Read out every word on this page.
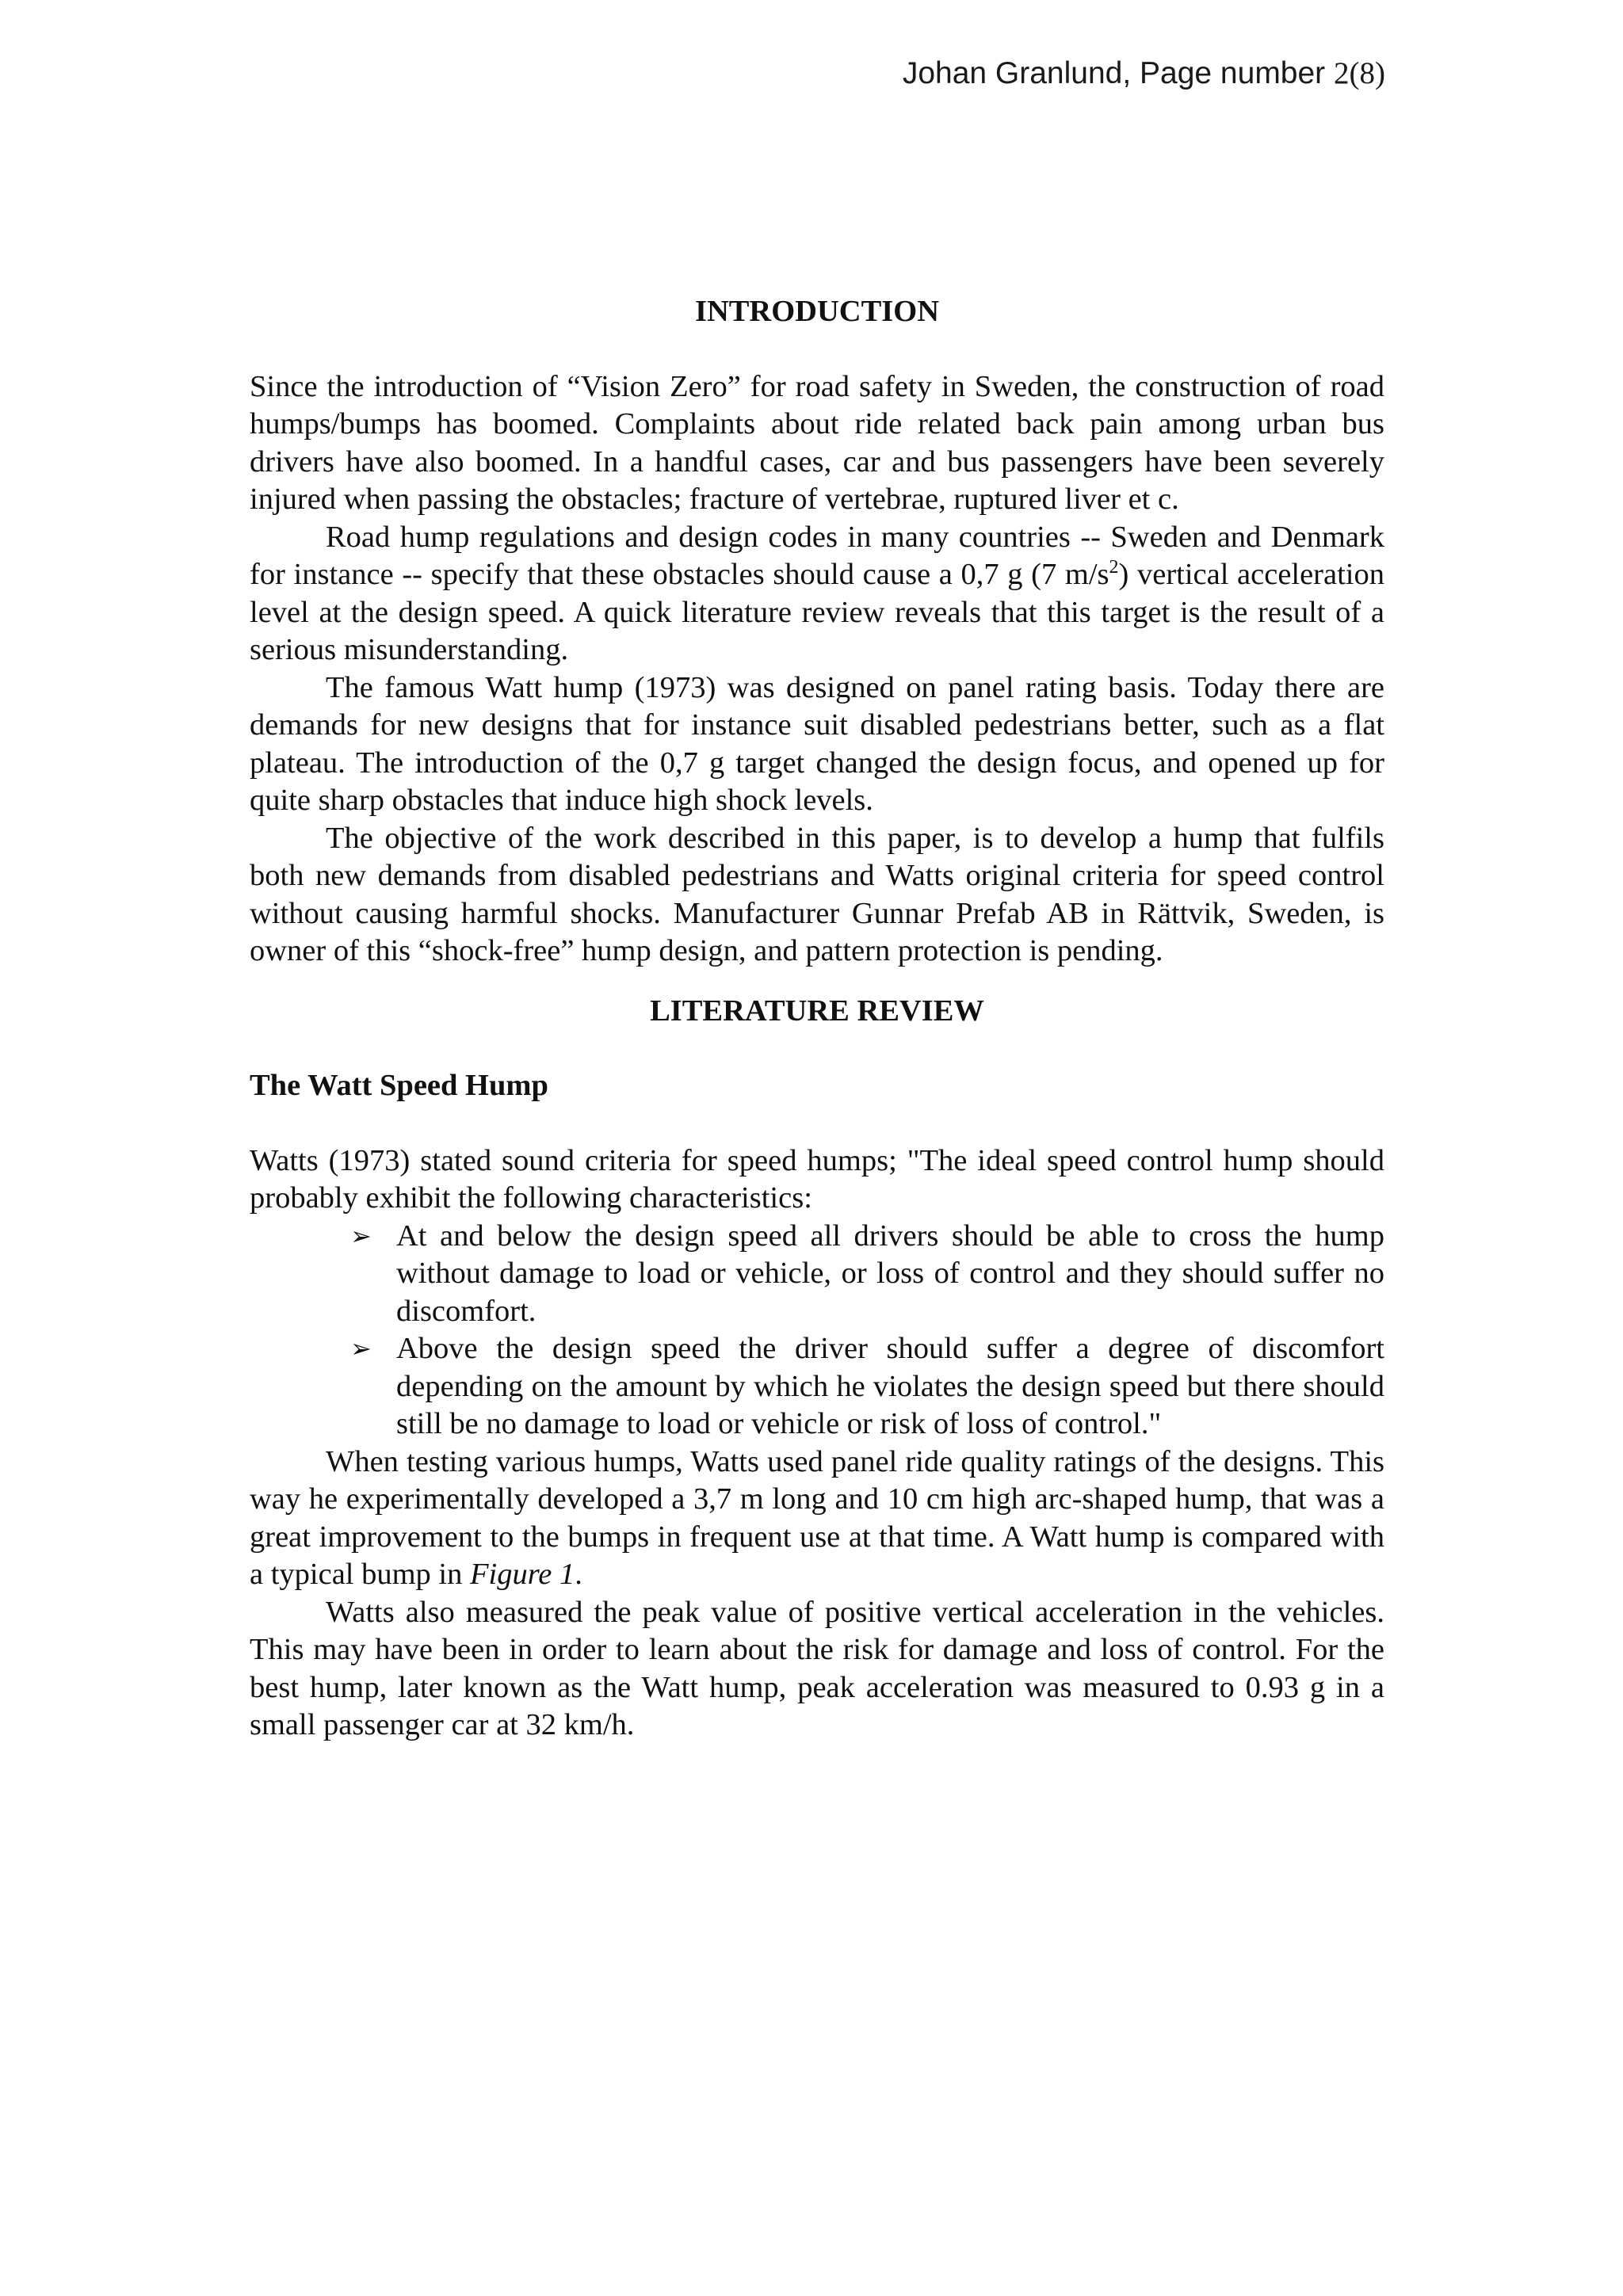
Johan Granlund, Page number 2(8)
INTRODUCTION

Since the introduction of “Vision Zero” for road safety in Sweden, the construction of road humps/bumps has boomed. Complaints about ride related back pain among urban bus drivers have also boomed. In a handful cases, car and bus passengers have been severely injured when passing the obstacles; fracture of vertebrae, ruptured liver et c.

Road hump regulations and design codes in many countries -- Sweden and Denmark for instance -- specify that these obstacles should cause a 0,7 g (7 $m/s^2$) vertical acceleration level at the design speed. A quick literature review reveals that this target is the result of a serious misunderstanding.

The famous Watt hump (1973) was designed on panel rating basis. Today there are demands for new designs that for instance suit disabled pedestrians better, such as a flat plateau. The introduction of the 0,7 g target changed the design focus, and opened up for quite sharp obstacles that induce high shock levels.

The objective of the work described in this paper, is to develop a hump that fulfils both new demands from disabled pedestrians and Watts original criteria for speed control without causing harmful shocks. Manufacturer Gunnar Prefab AB in Rättvik, Sweden, is owner of this “shock-free” hump design, and pattern protection is pending.

LITERATURE REVIEW
The Watt Speed Hump

Watts (1973) stated sound criteria for speed humps; "The ideal speed control hump should probably exhibit the following characteristics:

➢ At and below the design speed all drivers should be able to cross the hump without damage to load or vehicle, or loss of control and they should suffer no discomfort.
➢ Above the design speed the driver should suffer a degree of discomfort depending on the amount by which he violates the design speed but there should still be no damage to load or vehicle or risk of loss of control."

When testing various humps, Watts used panel ride quality ratings of the designs. This way he experimentally developed a 3,7 m long and 10 cm high arc-shaped hump, that was a great improvement to the bumps in frequent use at that time. A Watt hump is compared with a typical bump in Figure 1.

Watts also measured the peak value of positive vertical acceleration in the vehicles. This may have been in order to learn about the risk for damage and loss of control. For the best hump, later known as the Watt hump, peak acceleration was measured to 0.93 g in a small passenger car at 32 km/h.
